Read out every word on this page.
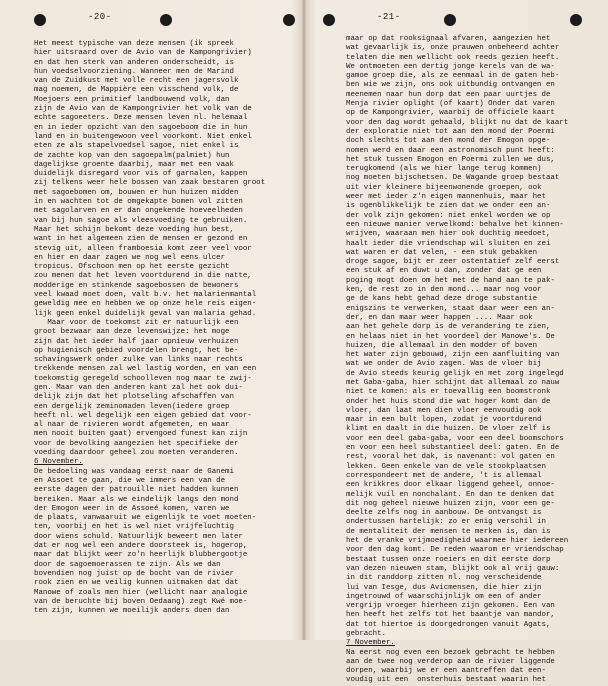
-20-
Het meest typische van deze mensen (ik spreek
hier uitsraard over de Avio van de Kampongrivier)
en dat hen sterk van anderen onderscheidt, is
hun voedselvoorziening. Wanneer men de Marind
van de Zuidkust met volle recht een jagersvolk
mag noemen, de Mappière een visschend volk, de
Moejoers een primitief landbouwend volk, dan
zijn de Avio van de Kampongrivier het volk van de
echte sagoeeters. Deze mensen leven nl. helemaal
en in ieder opzicht van den sagoeboom die in hun
land en in buitengewoon veel voorkomt. Niet enkel
eten ze als stapelvoedsel sagoe, niet enkel is
de zachte kop van den sagoepalm(palmiet) hun
dagelijkse groente daarbij, maar met een vaak
duidelijk disregard voor vis of garnalen, kappen
zij telkens weer hele bossen van zaak bestaren groot
met sagoebomen om, bouwen er hun huizen midden
in en wachten tot de omgekapte bomen vol zitten
met sagolarven en er dan ongekende hoeveelheden
van bij hun sagoe als vleesvoeding te gebruiken.
Maar het schijn bekomt deze voeding hun best,
want in het algemeen zien de mensen er gezond en
stevig uit, alleen framboesia komt zeer veel voor
en hier en daar zagen we nog wel eens ulcer
tropicus. Ofschoon men op het eerste gezicht
zou menen dat het leven voortdurend in die natte,
modderige en stinkende sagoebossen de bewoners
veel kwaad moet doen, valt b.v. het malarienmantal
geweldig mee en hebben we op onze hele reis eigen-
lijk geen enkel duidelijk geval van malaria gehad.
Maar voor de toekomst zit er natuurlijk een
groot bezwaar aan deze levenswijze: het moge
zijn dat het ieder half jaar opnieuw verhuizen
op hugienisch gebied voordelen brengt, het be-
schavingswerk onder zulke van links naar rechts
trekkende mensen zal wel lastig worden, en van een
toekomstig geregeld schoolleven nog maar te zwij-
gen. Maar van den anderen kant zal het ook dui-
delijk zijn dat het plotseling afschaffen van
een dergelijk zeminomaden leven(iedere groep
heeft nl. wel degelijk een eigen gebied dat voor-
al naar de rivieren wordt afgemeten, en waar
men nooit buiten gaat) ervengoed funest kan zijn
voor de bevolking aangezien het specifieke der
voeding daardoor geheel zou moeten veranderen.
6 November.
De bedoeling was vandaag eerst naar de Ganemi
en Assoet te gaan, die we immers een van de
eerste dagen der patrouille niet hadden kunnen
bereiken. Maar als we eindelijk langs den mond
der Emogon weer in de Assoeé komen, varen we
de plaats, vanwaaruit we eigenlijk te voet moeten-
ten, voorbij en het is wel niet vrijfeluchtig
door wiens schuld. Natuurlijk beweert men later
dat er nog wel een andere doorsteek is, hogerop,
maar dat blijkt weer zo'n heerlijk blubbergootje
door de sagoemoerassen te zijn. Als we dan
bovendien nog juist op de bocht van de rivier
rook zien en we veilig kunnen uitmaken dat dat
Manowe of zoals men hier (wellicht naar analogie
van de beruchte bij boven Oedaang) zegt Kwé moe-
ten zijn, kunnen we moeilijk anders doen dan
-21-
maar op dat rooksignaal afvaren, aangezien het
wat gevaarlijk is, onze prauwen onbeheerd achter
telaten die men wellicht ook reeds gezien heeft.
We ontmoeten een dertig jonge kerels van de wa-
gamoe groep die, als ze eenmaal in de gaten heb-
ben wie we zijn, ons ook uitbundig ontvangen en
meenemen naar hun dorp dat een paar uurtjes de
Menja rivier oplight (of kaart) Onder dat varen
op de Kampongrivier, waarbij de officiele kaart
voor den dag wordt gehaald, blijkt nu dat de kaart
der exploratie niet tot aan den mond der Poermi
doch slechts tot aan den mond der Emogon opge-
nomen werd en daar een astronomisch punt heeft:
het stuk tussen Emogon en Poermi zullen we dus,
terugkomend (als we hier lange terug kommen)
nog moeten bijschetsen. De Wagande groep bestaat
uit vier kleinere bijeenwonende groepen, ook
weer met ieder z'n eigen mannenhuis, maar het
is ogenblikkelijk te zien dat we onder een an-
der volk zijn gekomen: niet enkel worden we op
een nieuwe manier verwelkomd: behalve het kinnen-
wrijven, waaraan men hier ook duchtig meedoet,
haalt ieder die vriendschap wil sluiten en zei
wat waren er dat velen, - een stuk gebakken
droge sagoe, bijt er zeer ostentatief zelf eerst
een stuk af en duwt u dan, zonder dat ge een
poging mogt doen om het met de hand aan te pak-
ken, de rest zo in den mond... maar nog voor
ge de kans hebt gehad deze droge substantie
enigszins te verwerken, staat daar weer een an-
der, en dan maar weer happen .... Maar ook
aan het gehele dorp is de verandering te zien,
en helaas niet in het voordeel der Manowe's. De
huizen, die allemaal in den modder of boven
het water zijn gebouwd, zijn een aanfluiting van
wat we onder de Avio zagen. Was de vloer bij
de Avio steeds keurig gelijk en met zorg ingelegd
met Gaba-gaba, hier schijnt dat allemaal zo nauw
niet te komen: als er toevallig een boomstronk
onder het huis stond die wat hoger komt dan de
vloer, dan laat men dien vloer eenvoudig ook
maar in een bult lopen, zodat je voortdurend
klimt en daalt in die huizen. De vloer zelf is
voor een deel gaba-gaba, voor een deel boomschors
en voor een heel substantieel deel: gaten. En de
rest, vooral het dak, is navenant: vol gaten en
lekken. Geen enkele van de vele stookplaatsen
correspondeert met de andere, 't is allemaal
een krikkres door elkaar liggend geheel, onnoe-
melijk vuil en nonchalant. En dan te denken dat
dit nog geheel nieuwe huizen zijn, voor een ge-
deelte zelfs nog in aanbouw. De ontvangst is
ondertussen hartelijk: zo er enig verschil in
de mentaliteit der mensen te merken is, dan is
het de vranke vrijmoedigheid waarmee hier iedereen
voor den dag komt. De reden waarom er vriendschap
bestaat tussen onze roeiers en dit eerste dorp
van dezen nieuwen stam, blijkt ook al vrij gauw:
in dit randdorp zitten nl. nog verscheidende
lui van Iesge, dus Avicmensen, die hier zijn
ingetrouwd of waarschijnlijk om een of ander
vergrijp vroeger hierheen zijn gekomen. Een van
hen heeft het zelfs tot het baantje van mandor,
dat tot hiertoe is doorgedrongen vanuit Agats,
gebracht.
7 November.
Na eerst nog even een bezoek gebracht te hebben
aan de twee nog verderop aan de rivier liggende
dorpen, waarbij we er een aantreffen dat een-
voudig uit een  onsterhuis bestaat waarin het
